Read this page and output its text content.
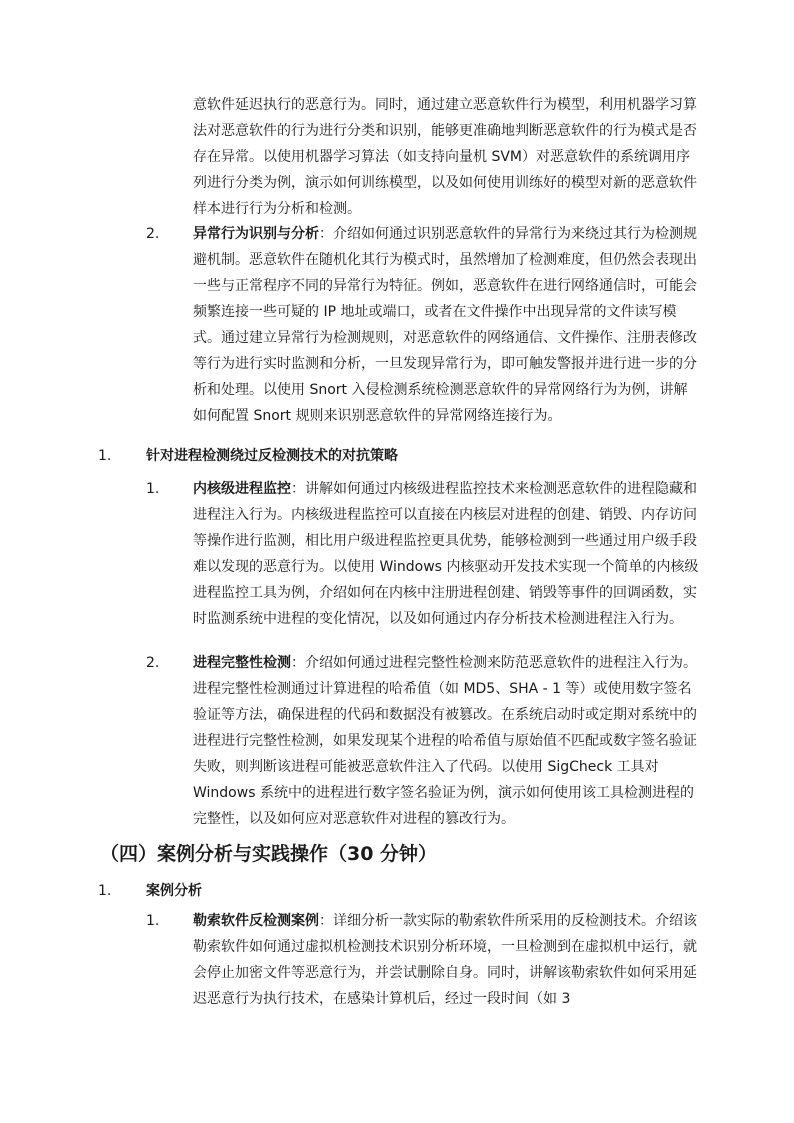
意软件延迟执行的恶意行为。同时，通过建立恶意软件行为模型，利用机器学习算法对恶意软件的行为进行分类和识别，能够更准确地判断恶意软件的行为模式是否存在异常。以使用机器学习算法（如支持向量机 SVM）对恶意软件的系统调用序列进行分类为例，演示如何训练模型，以及如何使用训练好的模型对新的恶意软件样本进行行为分析和检测。
2. 异常行为识别与分析：介绍如何通过识别恶意软件的异常行为来绕过其行为检测规避机制。恶意软件在随机化其行为模式时，虽然增加了检测难度，但仍然会表现出一些与正常程序不同的异常行为特征。例如，恶意软件在进行网络通信时，可能会频繁连接一些可疑的 IP 地址或端口，或者在文件操作中出现异常的文件读写模式。通过建立异常行为检测规则，对恶意软件的网络通信、文件操作、注册表修改等行为进行实时监测和分析，一旦发现异常行为，即可触发警报并进行进一步的分析和处理。以使用 Snort 入侵检测系统检测恶意软件的异常网络行为为例，讲解如何配置 Snort 规则来识别恶意软件的异常网络连接行为。
1. 针对进程检测绕过反检测技术的对抗策略
1. 内核级进程监控：讲解如何通过内核级进程监控技术来检测恶意软件的进程隐藏和进程注入行为。内核级进程监控可以直接在内核层对进程的创建、销毁、内存访问等操作进行监测，相比用户级进程监控更具优势，能够检测到一些通过用户级手段难以发现的恶意行为。以使用 Windows 内核驱动开发技术实现一个简单的内核级进程监控工具为例，介绍如何在内核中注册进程创建、销毁等事件的回调函数，实时监测系统中进程的变化情况，以及如何通过内存分析技术检测进程注入行为。
2. 进程完整性检测：介绍如何通过进程完整性检测来防范恶意软件的进程注入行为。进程完整性检测通过计算进程的哈希值（如 MD5、SHA - 1 等）或使用数字签名验证等方法，确保进程的代码和数据没有被篡改。在系统启动时或定期对系统中的进程进行完整性检测，如果发现某个进程的哈希值与原始值不匹配或数字签名验证失败，则判断该进程可能被恶意软件注入了代码。以使用 SigCheck 工具对 Windows 系统中的进程进行数字签名验证为例，演示如何使用该工具检测进程的完整性，以及如何应对恶意软件对进程的篡改行为。
（四）案例分析与实践操作（30 分钟）
1. 案例分析
1. 勒索软件反检测案例：详细分析一款实际的勒索软件所采用的反检测技术。介绍该勒索软件如何通过虚拟机检测技术识别分析环境，一旦检测到在虚拟机中运行，就会停止加密文件等恶意行为，并尝试删除自身。同时，讲解该勒索软件如何采用延迟恶意行为执行技术，在感染计算机后，经过一段时间（如 3
